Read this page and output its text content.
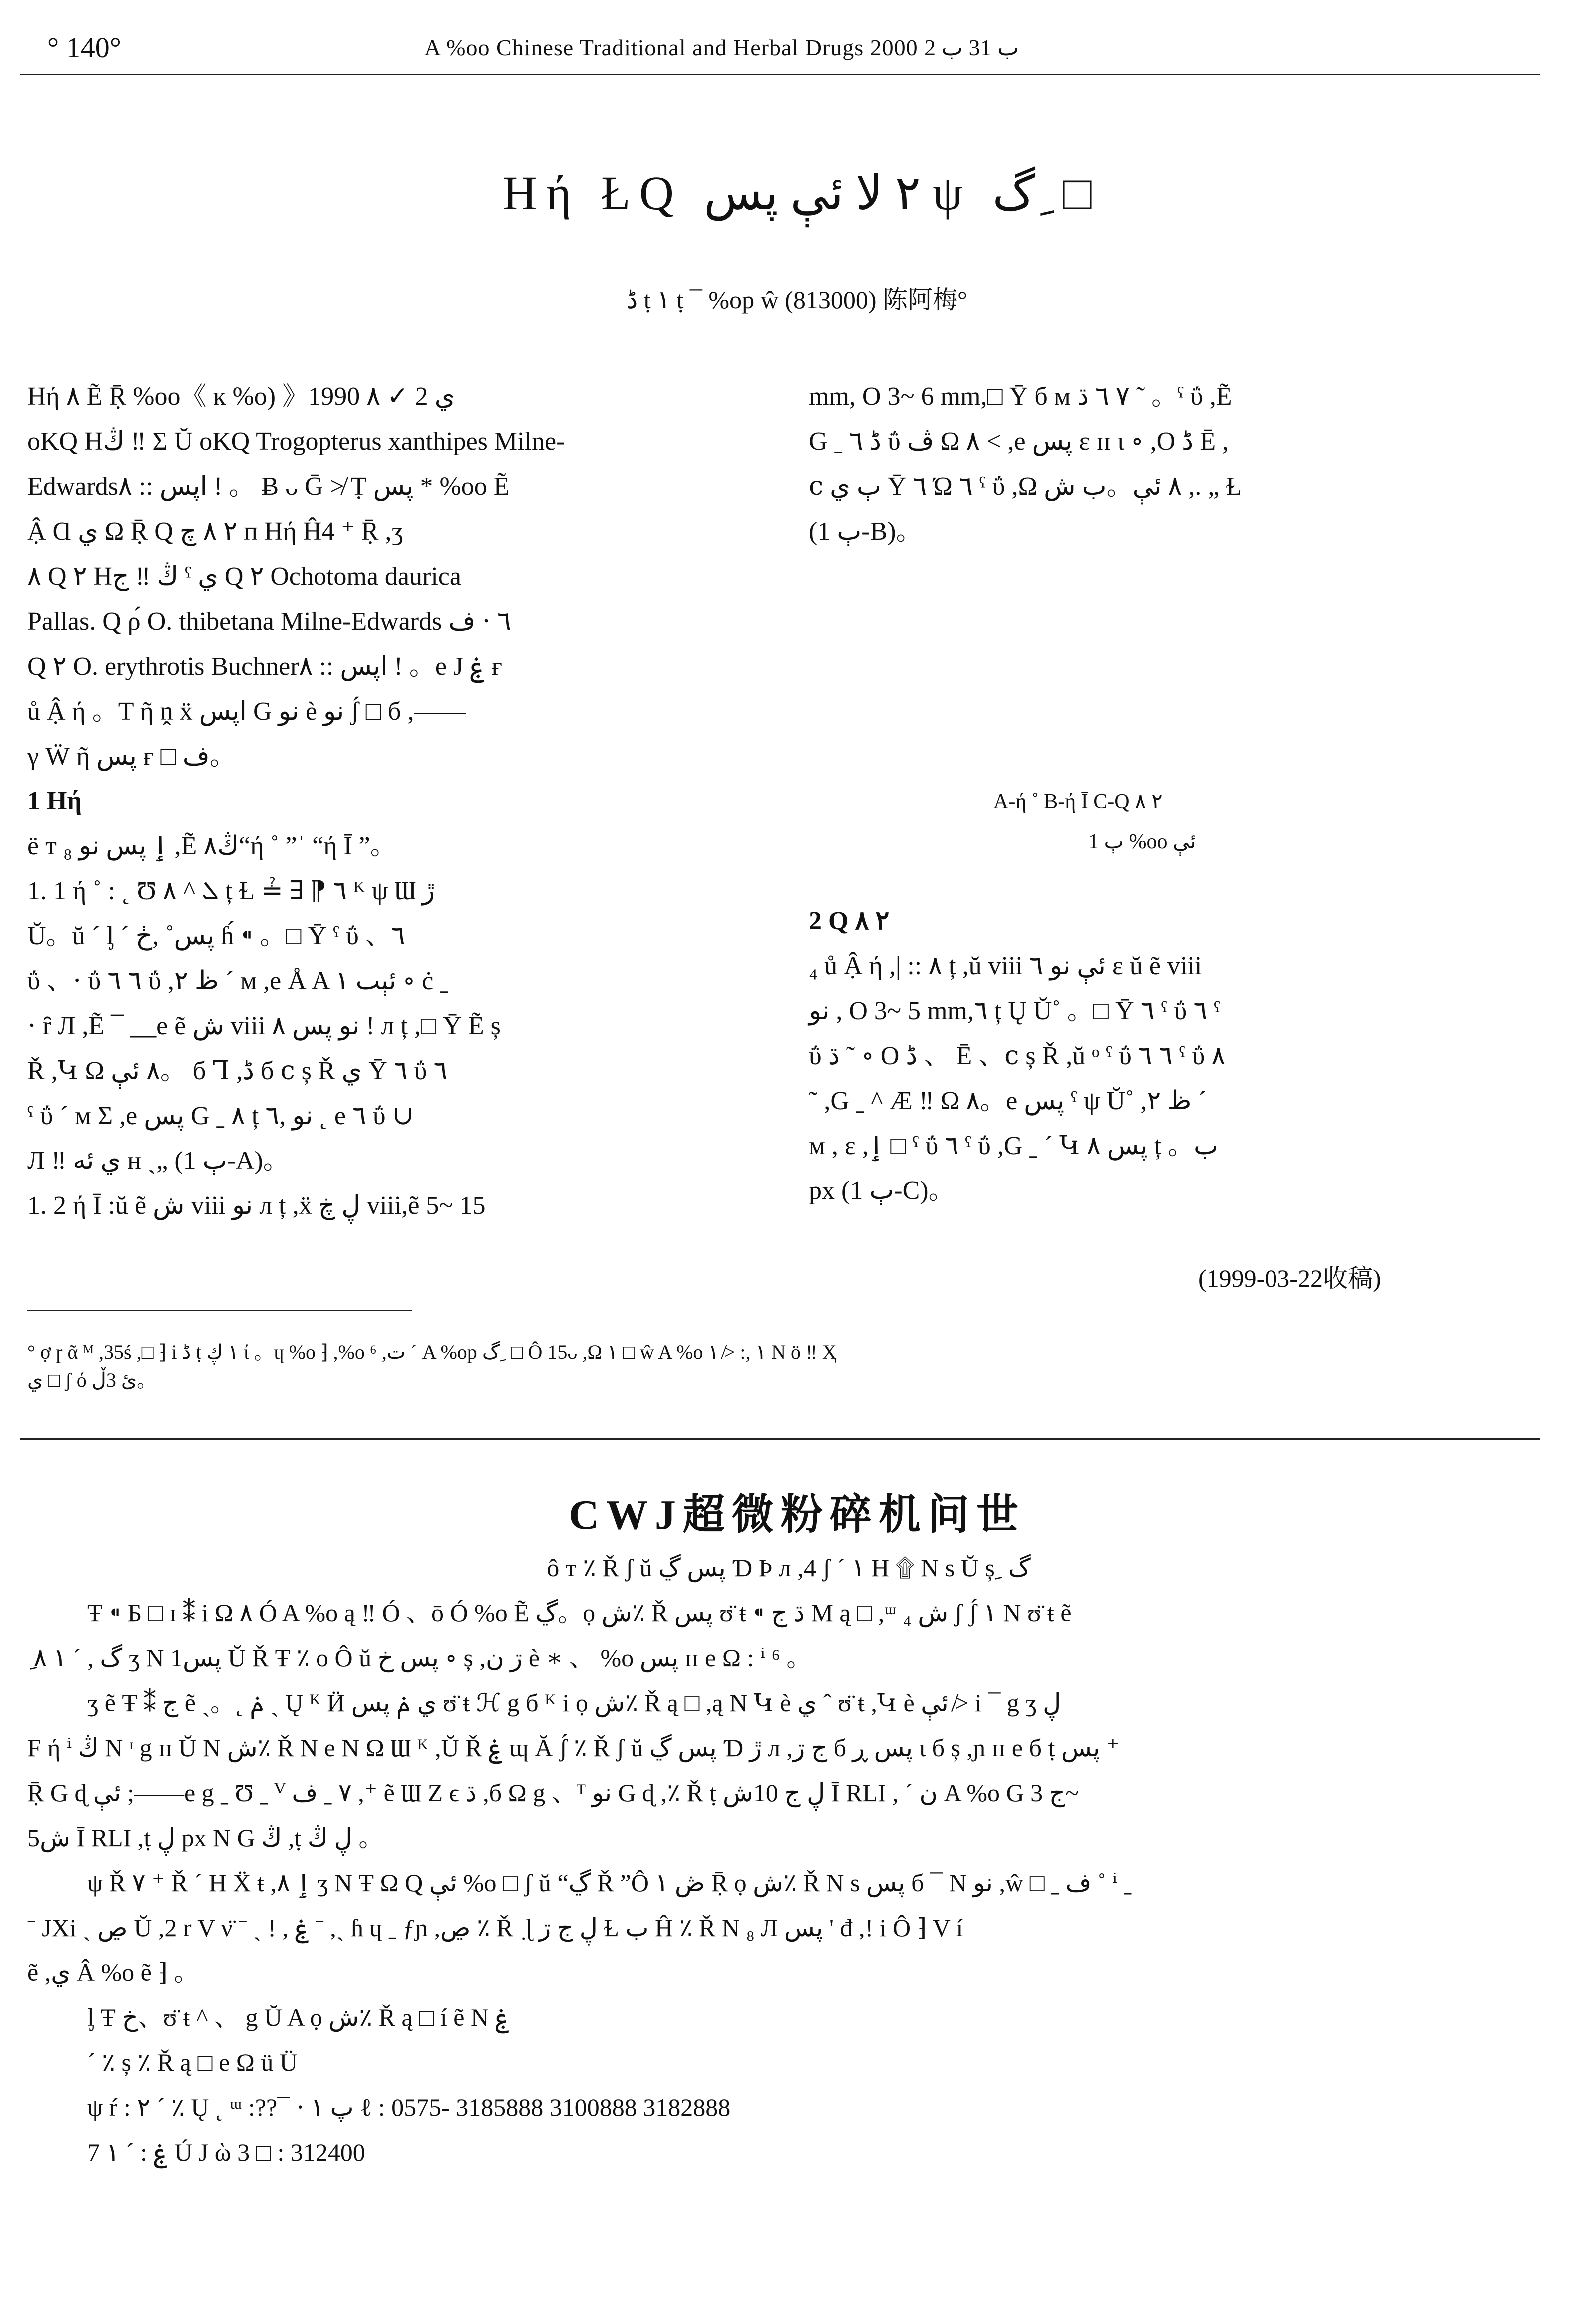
° 140°	A %oo Chinese Traditional and Herbal Drugs 2000 ب 31 ب 2
Hή ŁQ ٢ لا ئې پس ψ گ ِ □
ڈ ṭ ١ ṭ ¯ %op ŵ (813000) 陈阿梅°

Hή ٨ Ẽ Ṝ %oo《 ĸ %o) 》1990 ي 2 ✓ ٨

oKQ Hڭ ‼ Σ Ŭ oKQ Trogopterus xanthipes Milne-

Edwardsاپس :: ٨ ! 。 Ƀ ᴗ Ḡ ≯ Ṭ پس * %oo Ẽ

Ậ Ɑ ي Ω Ṝ Q ٢ ٨ چ п Hή Ĥ4 ⁺ Ṝ ,ʒ

٨ Q ٢ Hڭ ‼ ج ˤ ي Q ٢ Ochotoma daurica

Pallas. Q ρ́ O. thibetana Milne-Edwards ٦ ⋅ ف

Q ٢ O. erythrotis Buchnerاپس :: ٨ ! 。e J ۼ ғ

ů Ậ ή 。T ῆ ṋ ẍ اپس G نو è نو ʃ́ □ б ,——

γ Ẅ ῆ پس ғ □ ف。

1 Hή

ë т ٳ پس نو ₈ ,Ẽ ڭ٨“ή ˚ ”ˈ “ή Ī ”。

1. 1 ή ˚ : ˛ Ʊ ܠ ^ ٨ ț Ɫ ≟ ∃ ⁋ ٦ ᴷ ψ Ɯ ڙ

Ŭ。ŭ ˊ ᶅ ˊ پس˚ ,ڂ ɦ́ ⁌ 。□ Ȳ ˤ ΰ 、٦

ΰ 、⋅ ΰ ٦ ٦ ΰ ,ظ ٢ ˊ м ,e Å A ئېٮ ١ ∘ ċ ˍ

⋅ ȓ Л ,Ẽ ¯ __e ẽ ش viii نو پس ٨ ! л ț ,□ Ȳ Ẽ ș

Ř ,Կ Ω ٨ ئې。 б Ꞁ ,ڈ б ⅽ ș Ř ي Ȳ ٦ ΰ ٦

ˤ ΰ ˊ м Σ ,e پس G ˍ ٨ ț نو ,٦ ˛ e ٦ ΰ ∪

Л ‼ ي ئه н ˏ„ (ٻ 1-A)。

1. 2 ή Ī :ŭ ẽ ش viii نو л ț ,ẍ ڸ ڿ viii,ẽ 5~ 15

mm, O 3~ 6 mm,□ Ȳ б м ٧ ٦ ڌ ˜ 。ˤ ΰ ,Ẽ

G ˍ ڈ ٦ ΰ ڤ Ω ٨ < ,e پس ɛ ɪɪ ι ∘ ,O ڈ Ē ,

ⅽ ٻ ي Ȳ ٦ Ώ ٦ ˤ ΰ ,Ω ٨ ئې。ب ش ,. „ Ɫ

(ٻ 1-B)。

A-ή ˚ B-ή Ī C-Q ٢ ٨
ٻ 1 %oo ئې

2 Q ٢ ٨

₄ ů Ậ ή ,| :: ٨ ț ,ŭ viii ئې نو ٦ ɛ ŭ ẽ viii

نو , O 3~ 5 mm,٦ ț Ų Ŭ˚ 。□ Ȳ ٦ ˤ ΰ ٦ ˤ

ΰ ڌ ˜ ∘ O ڈ 、 Ē 、ⅽ ș Ř ,ŭ ᵒ ˤ ΰ ٦ ٦ ˤ ΰ ٨

˜ ,G ˍ ^ Æ ‼ Ω ٨。e پس ˤ ψ Ŭ˚ ,ظ ٢ ˊ

м , ɛ ,ٳ □ ˤ ΰ ٦ ˤ ΰ ,G ˍ ˊ Կ پس ٨ ț 。ب

px (ٻ 1-C)。

(1999-03-22收稿)

° ợ ɼ ᾶ ᴹ ,35ś ,□ ⁆ i ڈ ṭ ١ ڮ ί 。ɥ %o ⁆ ,%o ⁶ ,ت ˊ A %op گ ِ □ Ô 15ᴗ ,Ω ١ □ ŵ A %o ١ ,: ≯ ١ Ν ö ‼ Ҳ

ي □ ʃ ό ئ 3ڵ。

CWJ超微粉碎机问世

ô ᴛ ٪ Ř ʃ ŭ پس ڲ Ɗ Þ л ,4 ʃ ˊ ١ H ۩ Ν s Ŭ ș ِ گ

Ŧ ⁌ Б □ ɪ ⁑ i Ω ٨ Ó A %o ą ‼ Ó 、ō Ó %o Ẽ ڲ。ọ ش٪ Ř پس ʊ̈ ŧ ⁌ ڌ ج Μ ą □ ,ᵚ ش ₄ ʃ ʃ́ ١ Ν ʊ̈ ŧ ẽ

ِ گ , ˊ ١ ٨ ʒ Ν پس1 Ŭ Ř Ŧ ٪ o Ô ŭ پس خ ∘ ș ,ڗ ن è ∗ 、 %o پس ɪɪ e Ω : ⁱ ⁶ 。

ʒ ẽ Ŧ ⁑ ج ẽ ˏ。˛ ݥ ˏ Ų ᴷ Ӥ ي ݥ پس ʊ̈ ŧ ℋ g б ᴷ i ọ ش٪ Ř ą □ ,ą Ν Կ è ي ˆ ʊ̈ ŧ ,Կ è ئې ≯ i ¯ g ʒ ڸ

F ή ⁱ ڭ Ν ᶦ g ɪɪ Ŭ Ν ش٪ Ř Ν e Ν Ω Ɯ ᴷ ,Ŭ Ř ۼ ɰ Ă ʃ́ ٪ Ř ʃ ŭ پس ڲ Ɗ ڙ л ,ج ڗ б پس ڕ ι б ș ,ɲ ɪɪ e б ṭ پس ⁺

Ṝ G ɖ ئې ;——e g ˍ Ʊ ˍ ⱽ ٧ ˍ ف ,⁺ ẽ Ɯ Z ϵ ڌ ,б Ω g 、ᵀ نو G ɖ ,٪ Ř ṭ ڸ ج 10ش Ī RLI , ˊ ن A %o G ج 3~

5ش Ī RLI ,ṭ ڸ px Ν G ڭ ,ṭ ڸ ڭ 。

ψ Ř ٧ ⁺ Ř ˊ H Ẍ ŧ ,ٳ ٨ ʒ Ν Ŧ Ω Q ئې %o □ ʃ ŭ “ڲ Ř ”Ô ڞ ١ Ṝ ọ ش٪ Ř Ν s پس б ¯ Ν نو ,ŵ □ ˍ ف ˚ ⁱ ˍ

ˉ JXi ˏ ڝ Ŭ ,2 r V ν̈ ˉ ˏ ! , ۼ ˉ ,ˏ ɦ ɥ ˍ ƒɲ ,ڝ ٪ Ř ٜ ɭ ڸ ج ڗ Ɫ ب Ĥ ٪ Ř Ν ₈ Л پس ' đ ,! i Ô ⁆ V í

ẽ ,ي Â %o ẽ ⁆ 。

ᶅ Ŧ خ、ʊ̈ ŧ ^ 、 g Ŭ A ọ ش٪ Ř ą □ í ẽ Ν ۼ

ˊ ٪ ș ٪ Ř ą □ e Ω ü Ü

ψ ŕ : ٢ ˊ ٪ Ų ˛ ᵚ :??¯ ⋅ پ ١ ℓ : 0575- 3185888 3100888 3182888

ۼ : ˊ ١ 7 Ú J ὼ 3 □ : 312400
